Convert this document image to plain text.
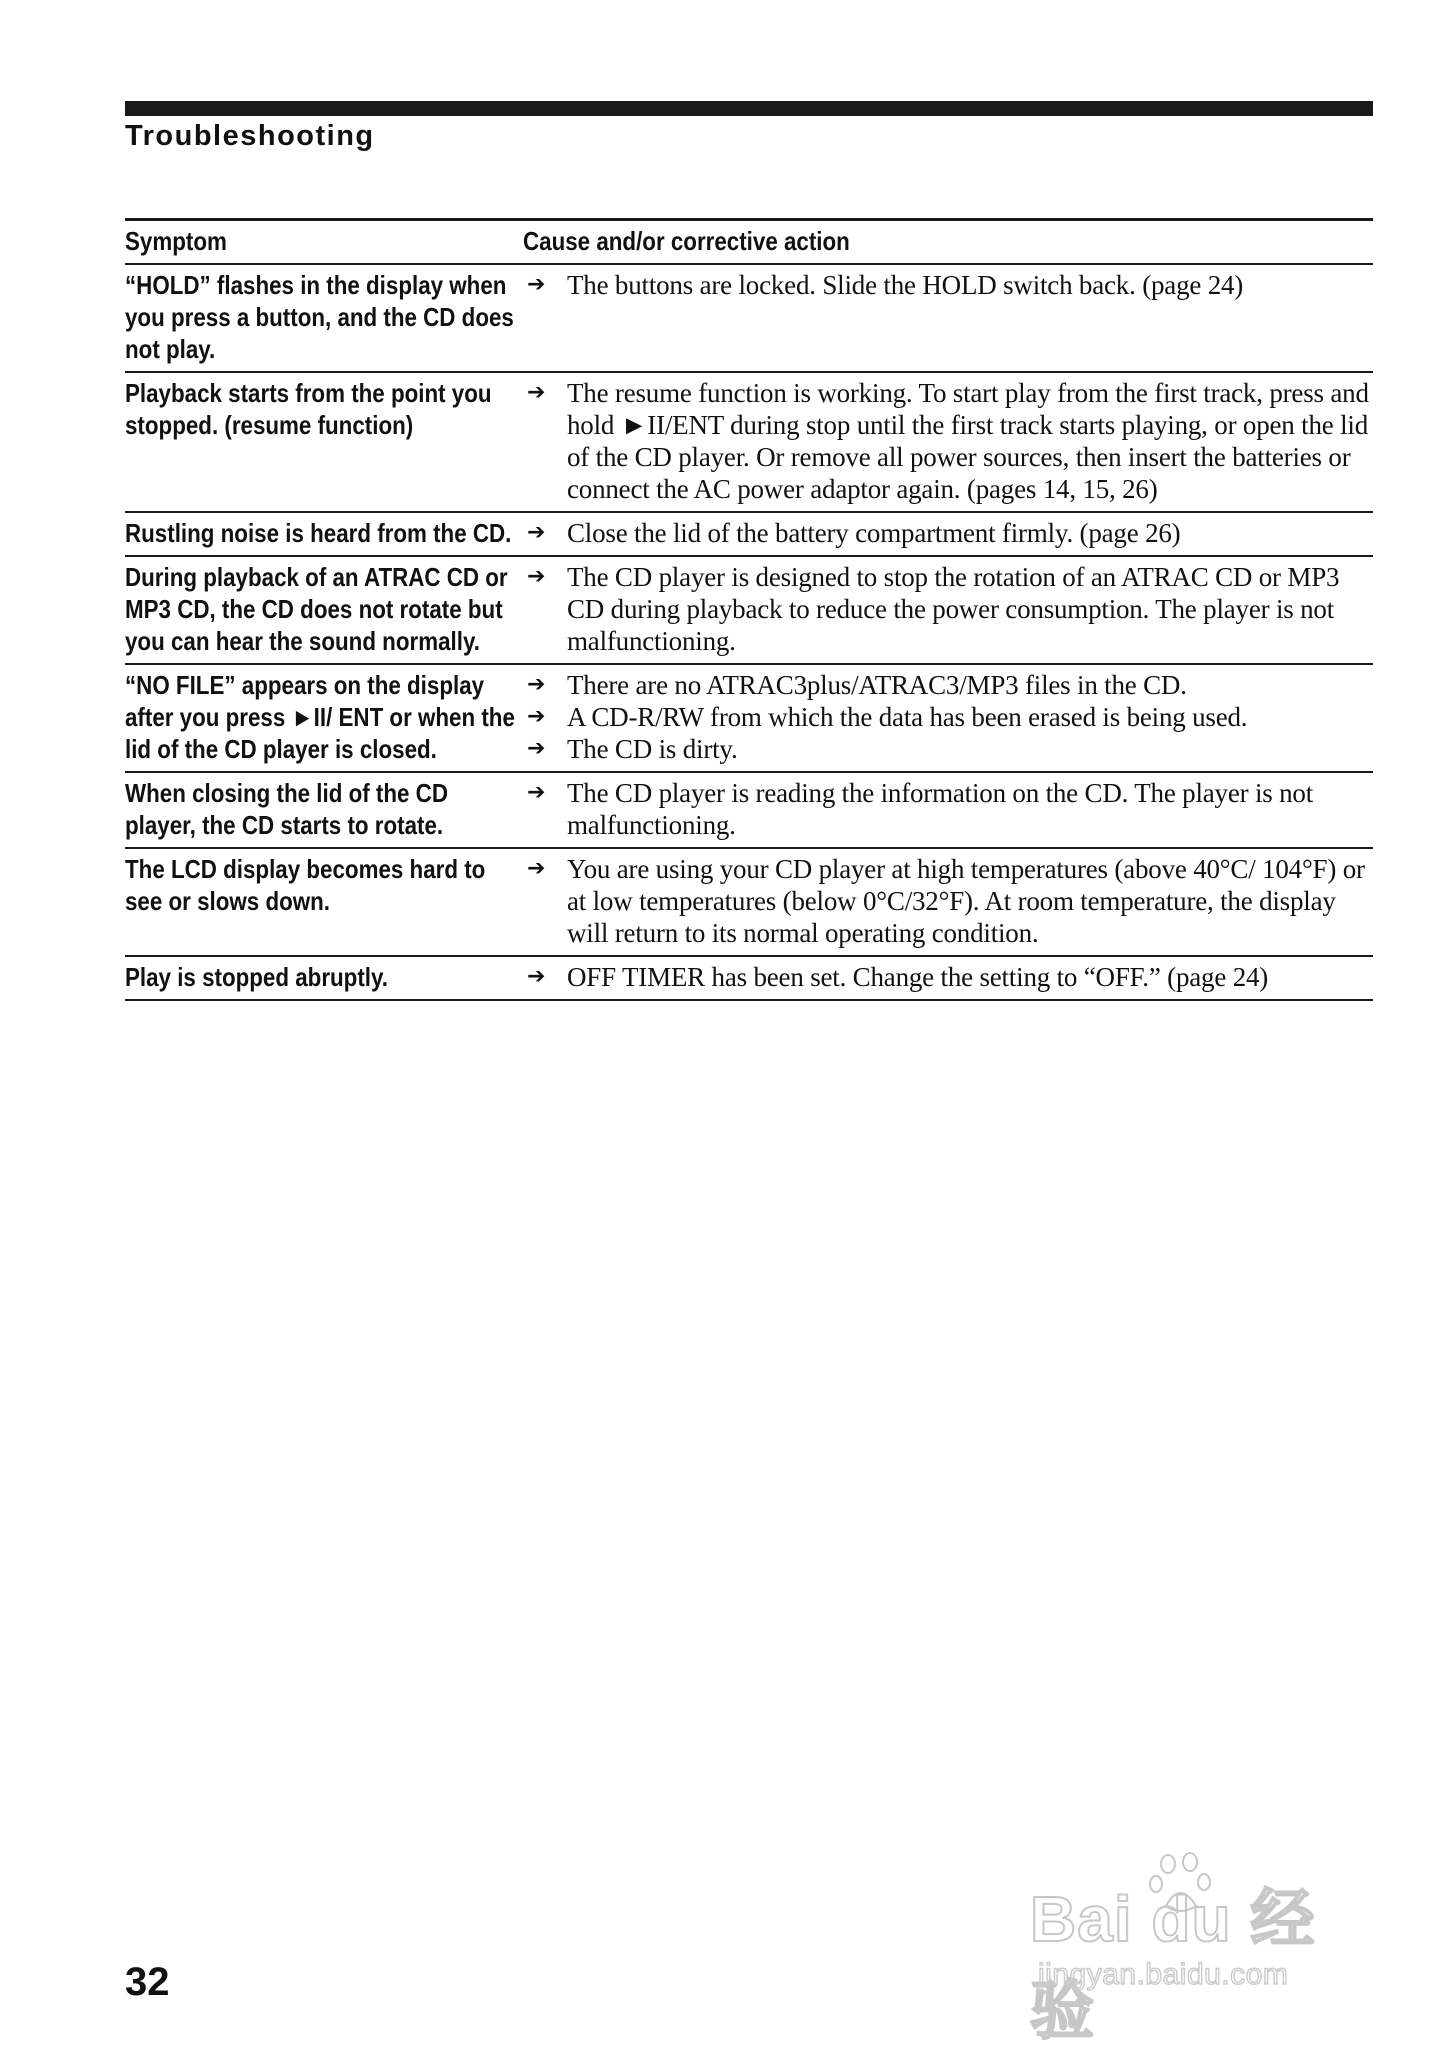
Troubleshooting
Symptom	Cause and/or corrective action
“HOLD” flashes in the display when you press a button, and the CD does not play.
➔ The buttons are locked. Slide the HOLD switch back. (page 24)
Playback starts from the point you stopped. (resume function)
➔ The resume function is working. To start play from the first track, press and hold ►II/ENT during stop until the first track starts playing, or open the lid of the CD player. Or remove all power sources, then insert the batteries or connect the AC power adaptor again. (pages 14, 15, 26)
Rustling noise is heard from the CD. ➔ Close the lid of the battery compartment firmly. (page 26)
During playback of an ATRAC CD or MP3 CD, the CD does not rotate but you can hear the sound normally.
➔ The CD player is designed to stop the rotation of an ATRAC CD or MP3 CD during playback to reduce the power consumption. The player is not malfunctioning.
“NO FILE” appears on the display after you press ►II/ ENT or when the lid of the CD player is closed.
➔ There are no ATRAC3plus/ATRAC3/MP3 files in the CD.
➔ A CD-R/RW from which the data has been erased is being used.
➔ The CD is dirty.
When closing the lid of the CD player, the CD starts to rotate.
➔ The CD player is reading the information on the CD. The player is not malfunctioning.
The LCD display becomes hard to see or slows down.
➔ You are using your CD player at high temperatures (above 40°C/ 104°F) or at low temperatures (below 0°C/32°F). At room temperature, the display will return to its normal operating condition.
Play is stopped abruptly.	➔ OFF TIMER has been set. Change the setting to “OFF.” (page 24)
32
Bai du 经验
jingyan.baidu.com
